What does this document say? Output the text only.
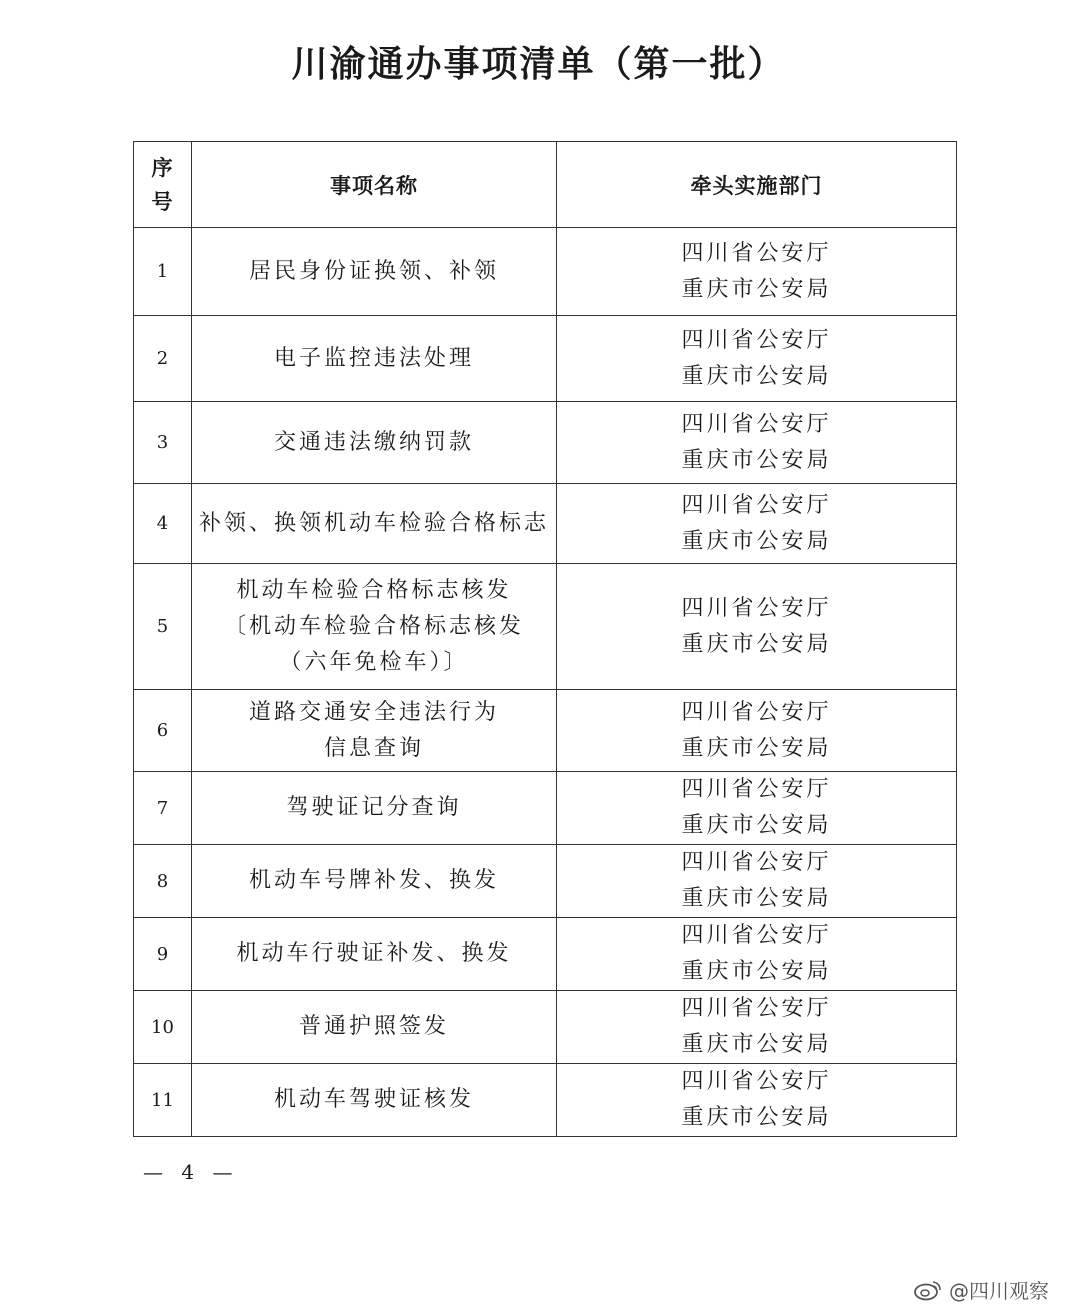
川渝通办事项清单（第一批）
序
号	事项名称	牵头实施部门
1	居民身份证换领、补领	四川省公安厅
重庆市公安局

2	电子监控违法处理	四川省公安厅
重庆市公安局

3	交通违法缴纳罚款	四川省公安厅
重庆市公安局

4	补领、换领机动车检验合格标志	四川省公安厅
重庆市公安局

5	机动车检验合格标志核发
〔机动车检验合格标志核发
（六年免检车）〕	四川省公安厅
重庆市公安局

6	道路交通安全违法行为
信息查询	四川省公安厅
重庆市公安局

7	驾驶证记分查询	四川省公安厅
重庆市公安局

8	机动车号牌补发、换发	四川省公安厅
重庆市公安局

9	机动车行驶证补发、换发	四川省公安厅
重庆市公安局

10	普通护照签发	四川省公安厅
重庆市公安局

11	机动车驾驶证核发	四川省公安厅
重庆市公安局
— 4 —
@四川观察
